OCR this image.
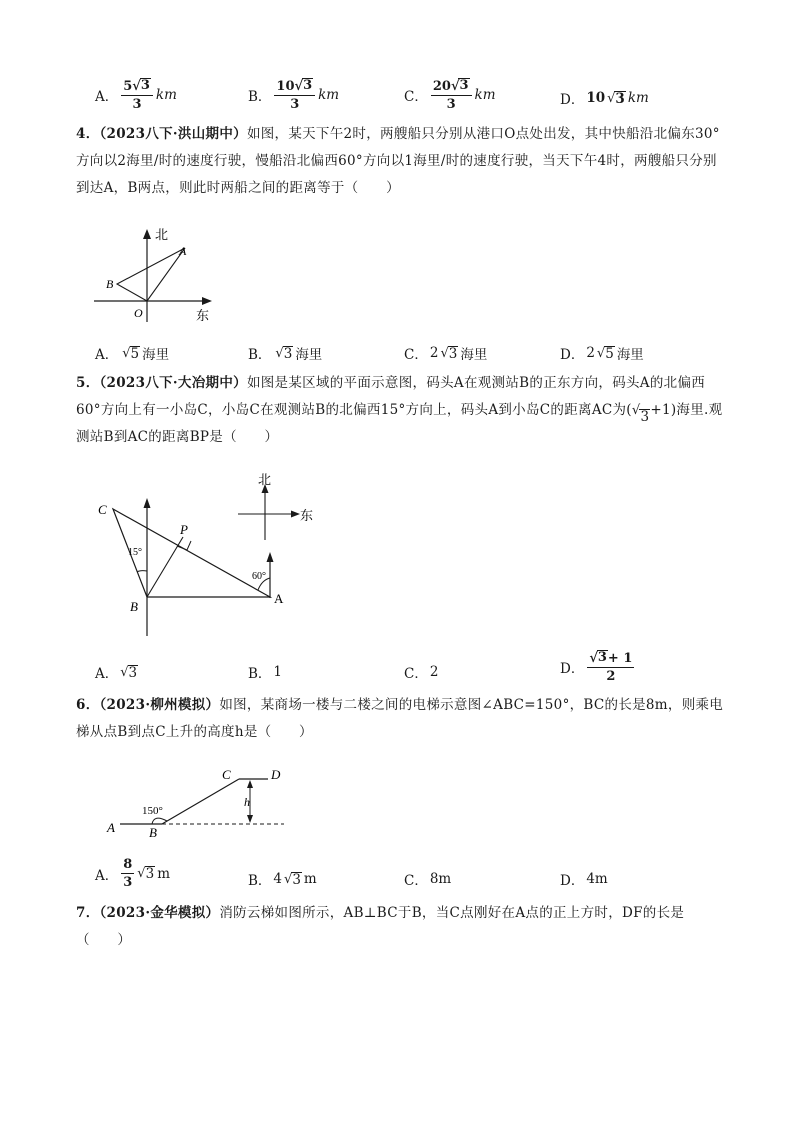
A． $\frac{5 √ 3}{3}$ km	B． $\frac{10 √ 3}{3}$ km	C． $\frac{20 √ 3}{3}$ km	D． 10 √ 3 km
4．（2023八下·洪山期中）如图，某天下午2时，两艘船只分别从港口O点处出发，其中快船沿北偏东30°方向以2海里/时的速度行驶，慢船沿北偏西60°方向以1海里/时的速度行驶，当天下午4时，两艘船只分别到达A，B两点，则此时两船之间的距离等于（　　）
北
东
A
B
O
A． √ 5 海里	B． √ 3 海里	C． 2 √ 3 海里	D． 2 √ 5 海里
5．（2023八下·大冶期中）如图是某区域的平面示意图，码头A在观测站B的正东方向，码头A的北偏西60°方向上有一小岛C，小岛C在观测站B的北偏西15°方向上，码头A到小岛C的距离AC为( √ 3 +1)海里.观测站B到AC的距离BP是（　　）
北
东
15°
60°
C
P
B
A
A． √ 3	B． 1	C． 2	D． $\frac{√ 3 + 1}{2}$
6．（2023·柳州模拟）如图，某商场一楼与二楼之间的电梯示意图∠ABC=150°，BC的长是8m，则乘电梯从点B到点C上升的高度h是（　　）
150°
A	B
C	D
h
A． $\frac{8}{3}$ √ 3 m	B． 4 √ 3 m	C． 8m	D． 4m
7．（2023·金华模拟）消防云梯如图所示，AB⊥BC于B，当C点刚好在A点的正上方时，DF的长是（　　）
